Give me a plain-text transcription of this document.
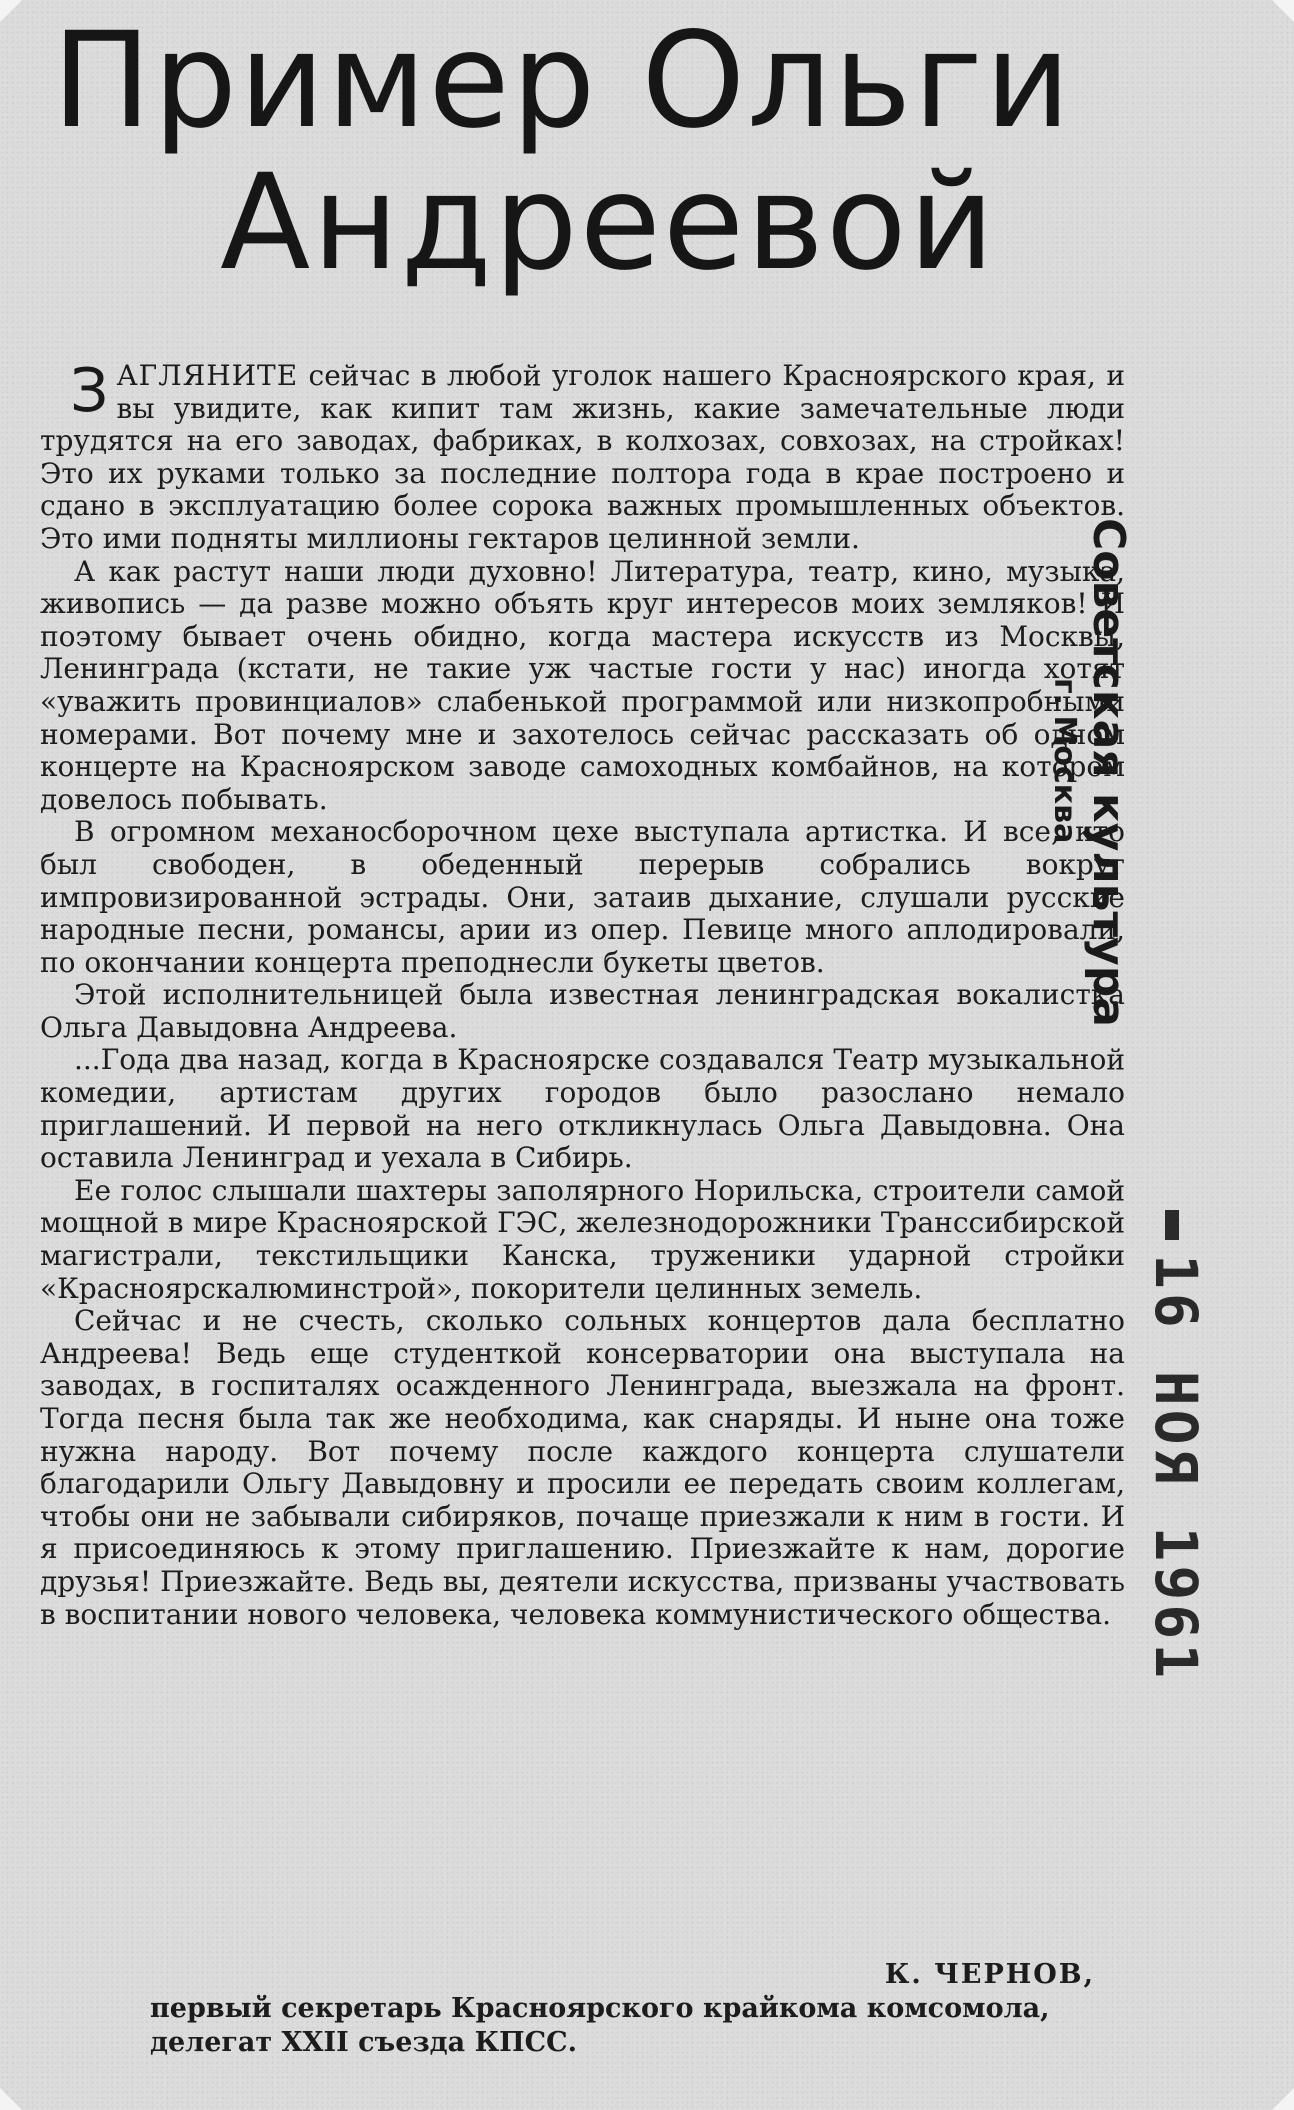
Пример Ольги
Андреевой

ЗАГЛЯНИТЕ сейчас в любой уголок нашего Красноярского края, и вы увидите, как кипит там жизнь, какие замечательные люди трудятся на его заводах, фабриках, в колхозах, совхозах, на стройках! Это их руками только за последние полтора года в крае построено и сдано в эксплуатацию более сорока важных промышленных объектов. Это ими подняты миллионы гектаров целинной земли.

А как растут наши люди духовно! Литература, театр, кино, музыка, живопись — да разве можно объять круг интересов моих земляков! И поэтому бывает очень обидно, когда мастера искусств из Москвы, Ленинграда (кстати, не такие уж частые гости у нас) иногда хотят «уважить провинциалов» слабенькой программой или низкопробными номерами. Вот почему мне и захотелось сейчас рассказать об одном концерте на Красноярском заводе самоходных комбайнов, на котором довелось побывать.

В огромном механосборочном цехе выступала артистка. И все, кто был свободен, в обеденный перерыв собрались вокруг импровизированной эстрады. Они, затаив дыхание, слушали русские народные песни, романсы, арии из опер. Певице много аплодировали, по окончании концерта преподнесли букеты цветов.

Этой исполнительницей была известная ленинградская вокалистка Ольга Давыдовна Андреева.

...Года два назад, когда в Красноярске создавался Театр музыкальной комедии, артистам других городов было разослано немало приглашений. И первой на него откликнулась Ольга Давыдовна. Она оставила Ленинград и уехала в Сибирь.

Ее голос слышали шахтеры заполярного Норильска, строители самой мощной в мире Красноярской ГЭС, железнодорожники Транссибирской магистрали, текстильщики Канска, труженики ударной стройки «Красноярскалюминстрой», покорители целинных земель.

Сейчас и не счесть, сколько сольных концертов дала бесплатно Андреева! Ведь еще студенткой консерватории она выступала на заводах, в госпиталях осажденного Ленинграда, выезжала на фронт. Тогда песня была так же необходима, как снаряды. И ныне она тоже нужна народу. Вот почему после каждого концерта слушатели благодарили Ольгу Давыдовну и просили ее передать своим коллегам, чтобы они не забывали сибиряков, почаще приезжали к ним в гости. И я присоединяюсь к этому приглашению. Приезжайте к нам, дорогие друзья! Приезжайте. Ведь вы, деятели искусства, призваны участвовать в воспитании нового человека, человека коммунистического общества.

К. ЧЕРНОВ,
первый секретарь Красноярского крайкома комсомола,
делегат XXII съезда КПСС.
Советская культура
г. Москва
16 НОЯ 1961
